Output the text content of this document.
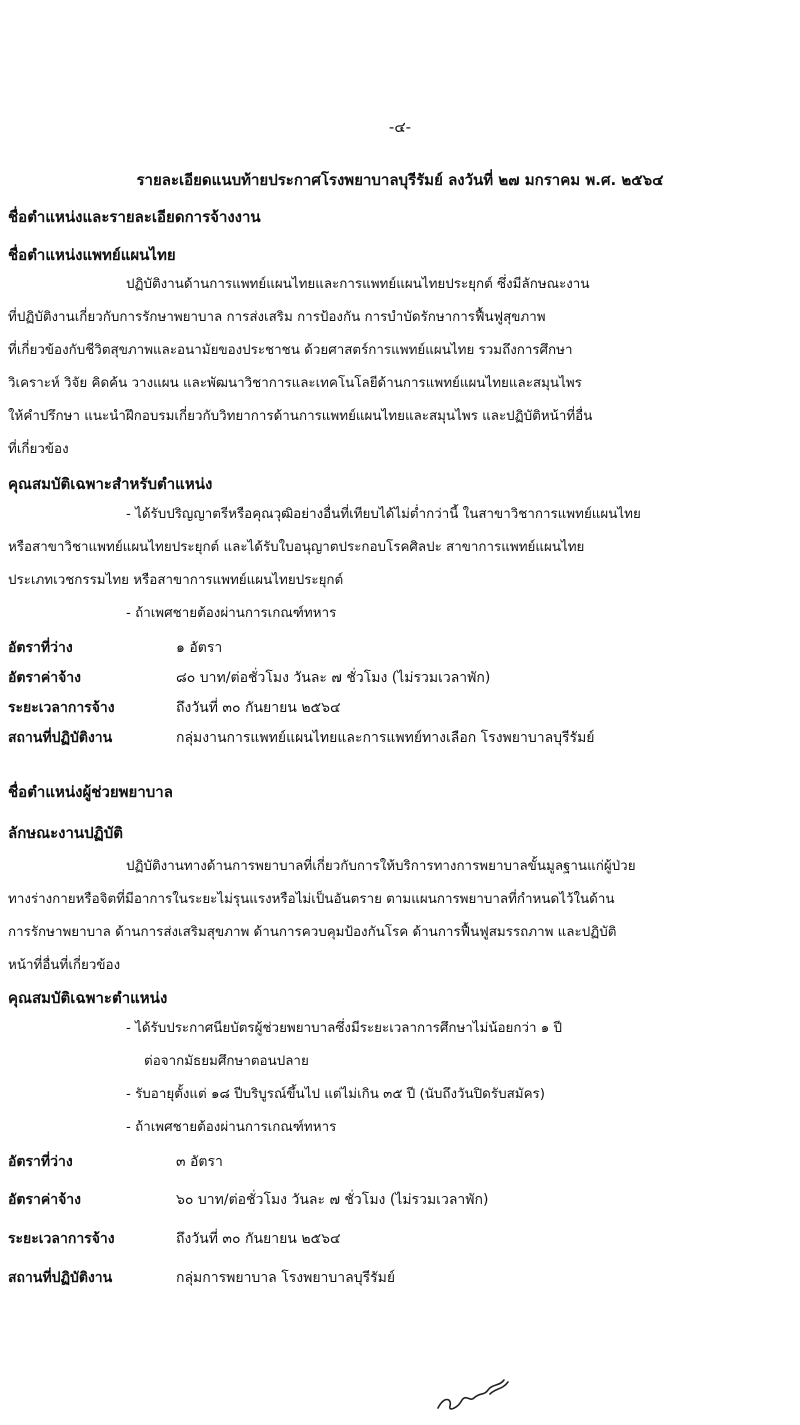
-๔-
รายละเอียดแนบท้ายประกาศโรงพยาบาลบุรีรัมย์ ลงวันที่ ๒๗ มกราคม พ.ศ. ๒๕๖๔
ชื่อตำแหน่งและรายละเอียดการจ้างงาน
ชื่อตำแหน่งแพทย์แผนไทย
ปฏิบัติงานด้านการแพทย์แผนไทยและการแพทย์แผนไทยประยุกต์ ซึ่งมีลักษณะงาน
ที่ปฏิบัติงานเกี่ยวกับการรักษาพยาบาล การส่งเสริม การป้องกัน การบำบัดรักษาการฟื้นฟูสุขภาพ
ที่เกี่ยวข้องกับชีวิตสุขภาพและอนามัยของประชาชน ด้วยศาสตร์การแพทย์แผนไทย รวมถึงการศึกษา
วิเคราะห์ วิจัย คิดค้น วางแผน และพัฒนาวิชาการและเทคโนโลยีด้านการแพทย์แผนไทยและสมุนไพร
ให้คำปรึกษา แนะนำฝึกอบรมเกี่ยวกับวิทยาการด้านการแพทย์แผนไทยและสมุนไพร และปฏิบัติหน้าที่อื่น
ที่เกี่ยวข้อง
คุณสมบัติเฉพาะสำหรับตำแหน่ง
- ได้รับปริญญาตรีหรือคุณวุฒิอย่างอื่นที่เทียบได้ไม่ต่ำกว่านี้ ในสาขาวิชาการแพทย์แผนไทย
หรือสาขาวิชาแพทย์แผนไทยประยุกต์ และได้รับใบอนุญาตประกอบโรคศิลปะ สาขาการแพทย์แผนไทย
ประเภทเวชกรรมไทย หรือสาขาการแพทย์แผนไทยประยุกต์
- ถ้าเพศชายต้องผ่านการเกณฑ์ทหาร
อัตราที่ว่าง	๑ อัตรา
อัตราค่าจ้าง	๘๐ บาท/ต่อชั่วโมง วันละ ๗ ชั่วโมง (ไม่รวมเวลาพัก)
ระยะเวลาการจ้าง	ถึงวันที่ ๓๐ กันยายน ๒๕๖๔
สถานที่ปฏิบัติงาน	กลุ่มงานการแพทย์แผนไทยและการแพทย์ทางเลือก โรงพยาบาลบุรีรัมย์
ชื่อตำแหน่งผู้ช่วยพยาบาล
ลักษณะงานปฏิบัติ
ปฏิบัติงานทางด้านการพยาบาลที่เกี่ยวกับการให้บริการทางการพยาบาลขั้นมูลฐานแก่ผู้ป่วย
ทางร่างกายหรือจิตที่มีอาการในระยะไม่รุนแรงหรือไม่เป็นอันตราย ตามแผนการพยาบาลที่กำหนดไว้ในด้าน
การรักษาพยาบาล ด้านการส่งเสริมสุขภาพ ด้านการควบคุมป้องกันโรค ด้านการฟื้นฟูสมรรถภาพ และปฏิบัติ
หน้าที่อื่นที่เกี่ยวข้อง
คุณสมบัติเฉพาะตำแหน่ง
- ได้รับประกาศนียบัตรผู้ช่วยพยาบาลซึ่งมีระยะเวลาการศึกษาไม่น้อยกว่า ๑ ปี
ต่อจากมัธยมศึกษาตอนปลาย
- รับอายุตั้งแต่ ๑๘ ปีบริบูรณ์ขึ้นไป แต่ไม่เกิน ๓๕ ปี (นับถึงวันปิดรับสมัคร)
- ถ้าเพศชายต้องผ่านการเกณฑ์ทหาร
อัตราที่ว่าง	๓ อัตรา
อัตราค่าจ้าง	๖๐ บาท/ต่อชั่วโมง วันละ ๗ ชั่วโมง (ไม่รวมเวลาพัก)
ระยะเวลาการจ้าง	ถึงวันที่ ๓๐ กันยายน ๒๕๖๔
สถานที่ปฏิบัติงาน	กลุ่มการพยาบาล โรงพยาบาลบุรีรัมย์
